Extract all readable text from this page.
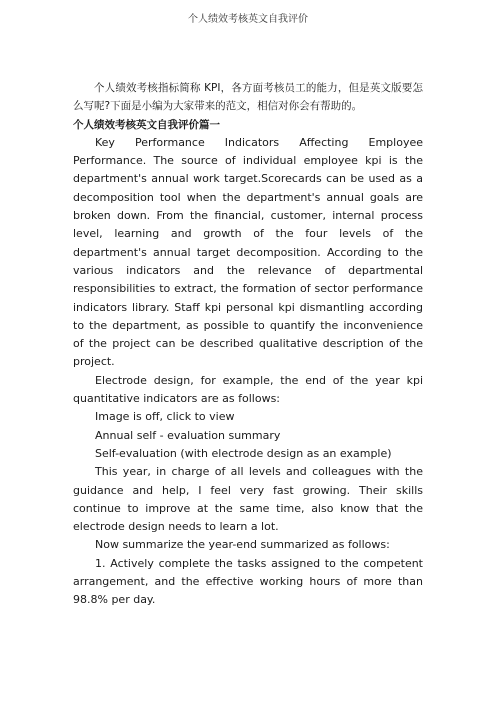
个人绩效考核英文自我评价

个人绩效考核指标简称 KPI，各方面考核员工的能力，但是英文版要怎么写呢?下面是小编为大家带来的范文，相信对你会有帮助的。

个人绩效考核英文自我评价篇一

Key Performance Indicators Affecting Employee Performance. The source of individual employee kpi is the department's annual work target.Scorecards can be used as a decomposition tool when the department's annual goals are broken down. From the financial, customer, internal process level, learning and growth of the four levels of the department's annual target decomposition. According to the various indicators and the relevance of departmental responsibilities to extract, the formation of sector performance indicators library. Staff kpi personal kpi dismantling according to the department, as possible to quantify the inconvenience of the project can be described qualitative description of the project.

Electrode design, for example, the end of the year kpi quantitative indicators are as follows:

Image is off, click to view

Annual self - evaluation summary

Self-evaluation (with electrode design as an example)

This year, in charge of all levels and colleagues with the guidance and help, I feel very fast growing. Their skills continue to improve at the same time, also know that the electrode design needs to learn a lot.

Now summarize the year-end summarized as follows:

1. Actively complete the tasks assigned to the competent arrangement, and the effective working hours of more than 98.8% per day.
